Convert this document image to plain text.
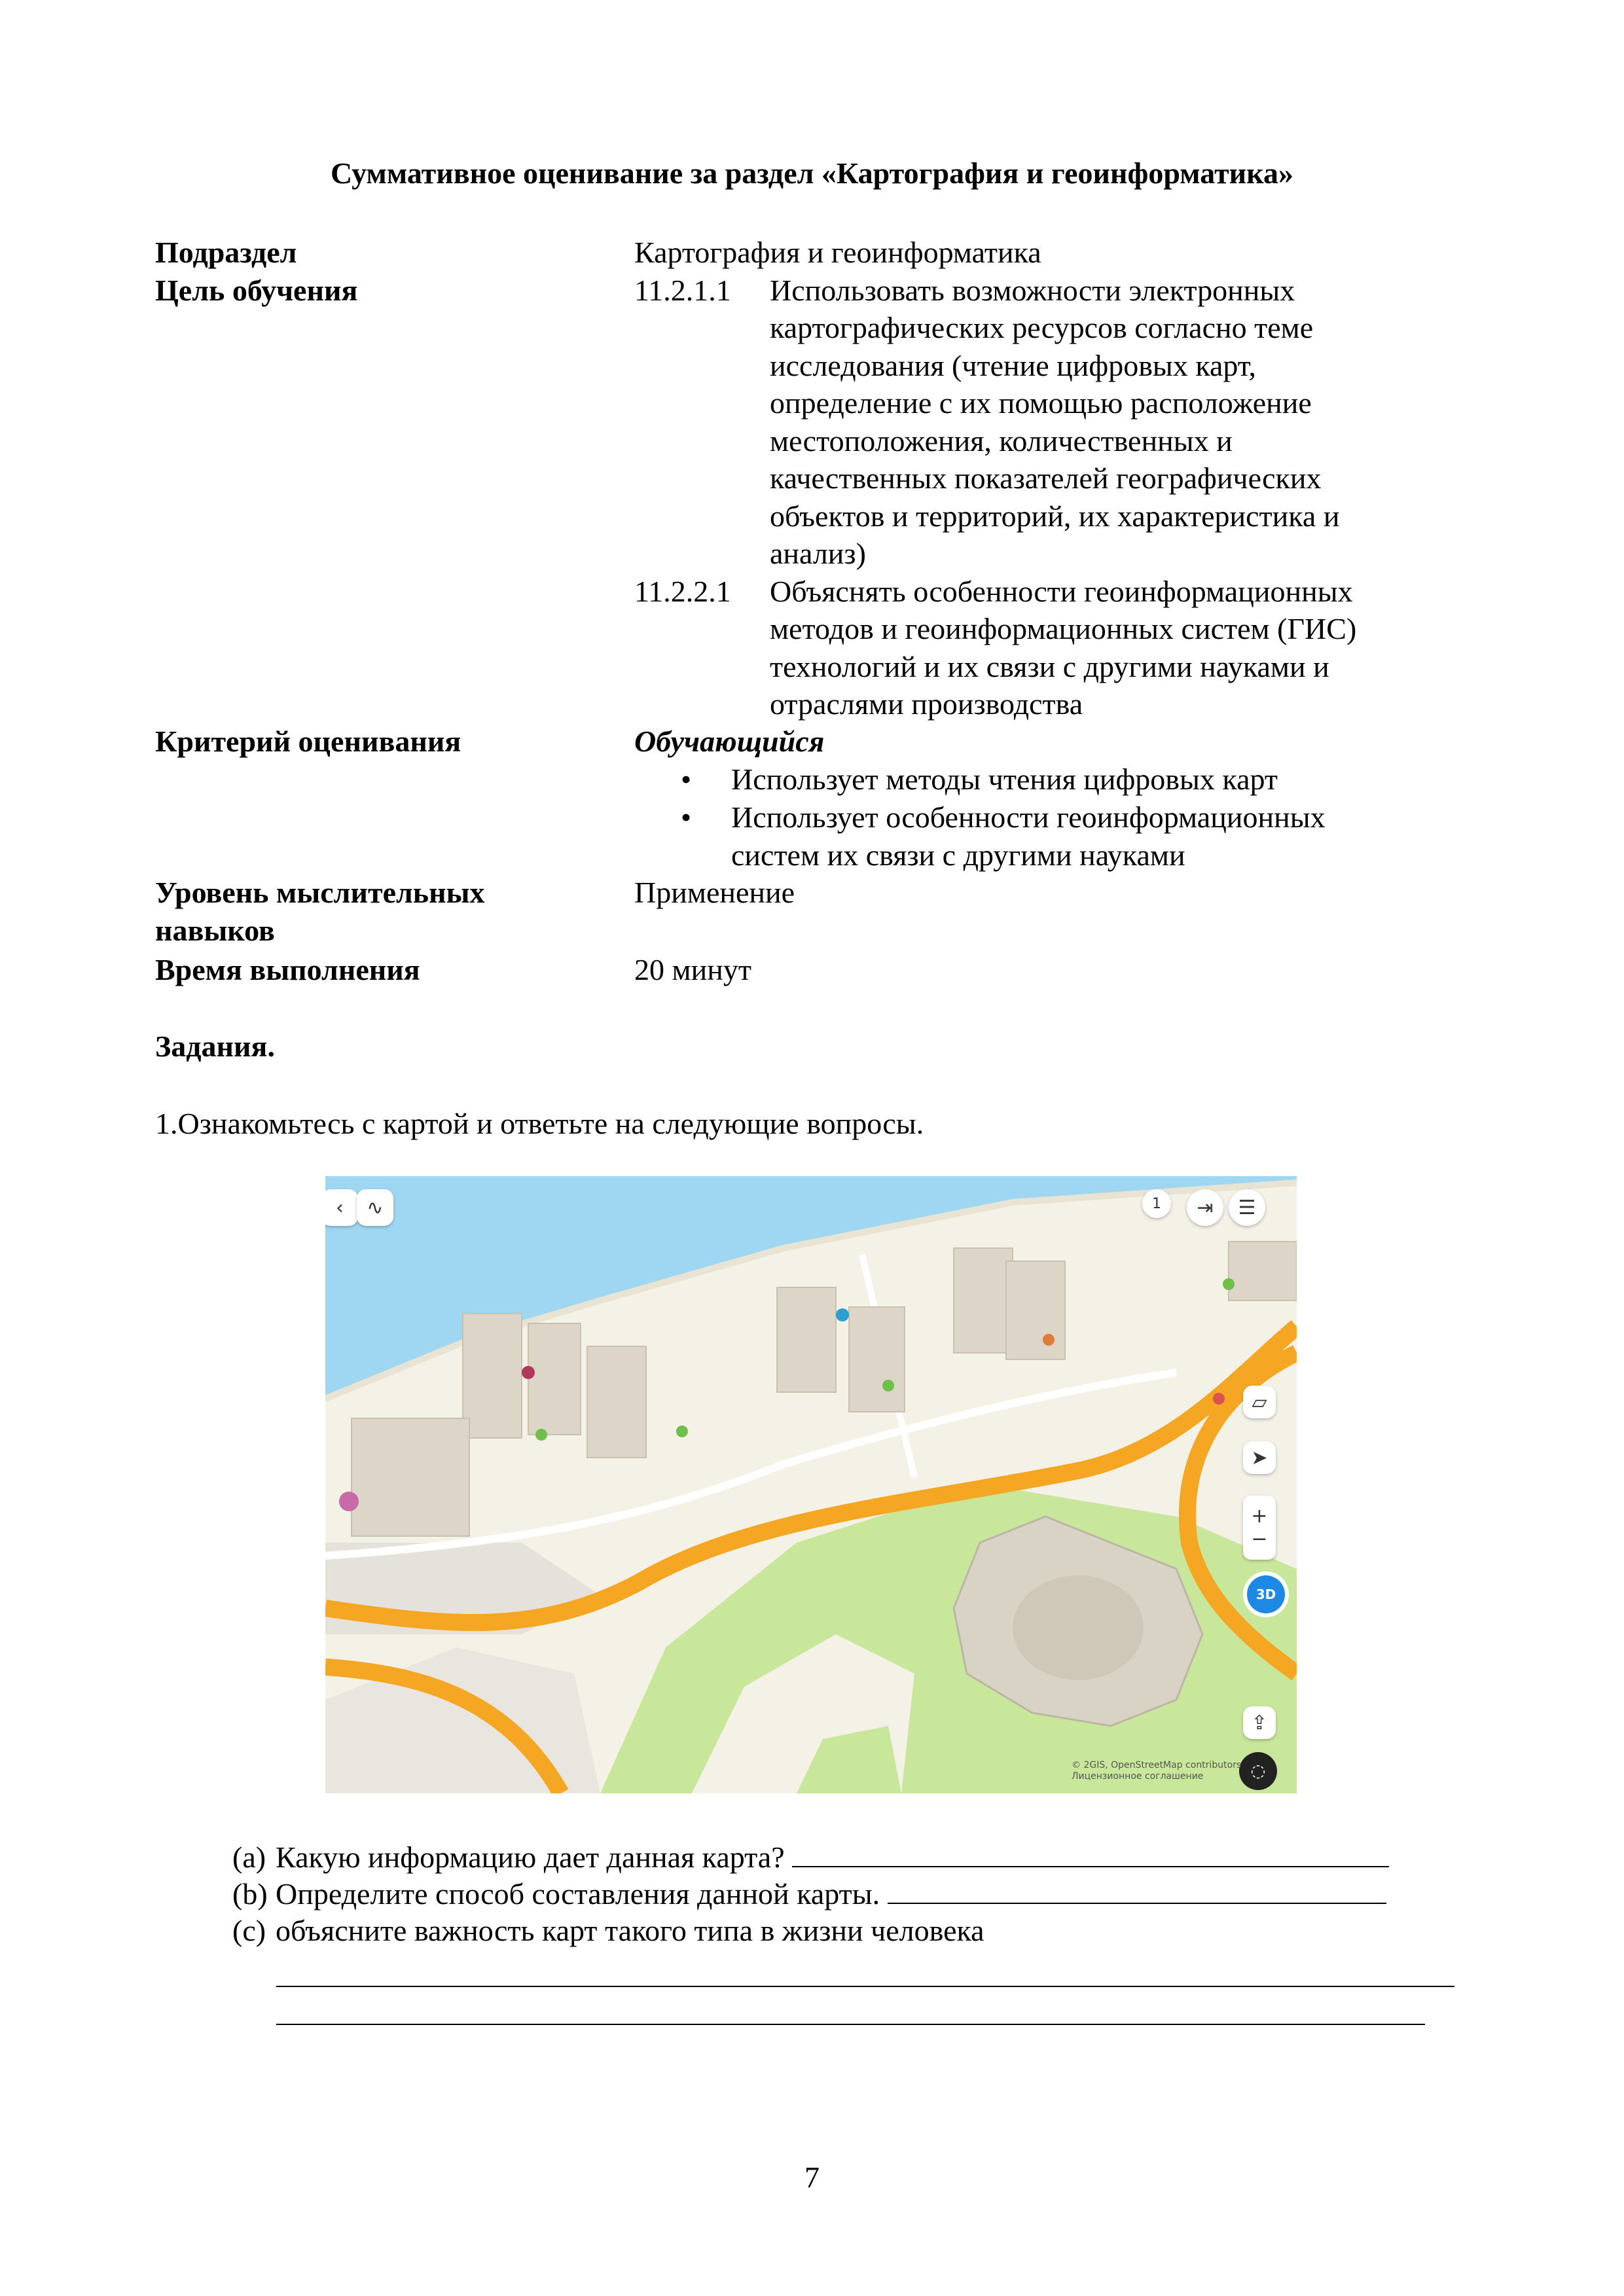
Суммативное оценивание за раздел «Картография и геоинформатика»
Подраздел	Картография и геоинформатика
Цель обучения	11.2.1.1 Использовать возможности электронных
картографических ресурсов согласно теме
исследования (чтение цифровых карт,
определение с их помощью расположение
местоположения, количественных и
качественных показателей географических
объектов и территорий, их характеристика и
анализ)
11.2.2.1 Объяснять особенности геоинформационных
методов и геоинформационных систем (ГИС)
технологий и их связи с другими науками и
отраслями производства
Критерий оценивания	Обучающийся
• Использует методы чтения цифровых карт
• Использует особенности геоинформационных
систем их связи с другими науками
Уровень мыслительных
навыков
Применение
Время выполнения	20 минут
Задания.
1.Ознакомьтесь с картой и ответьте на следующие вопросы.
‹	∿	1	⇥	☰
▱
➤
+
−
3D
⇪
◌
© 2GIS, OpenStreetMap contributors
Лицензионное соглашение
(a) Какую информацию дает данная карта?
(b) Определите способ составления данной карты.
(c) объясните важность карт такого типа в жизни человека
7
